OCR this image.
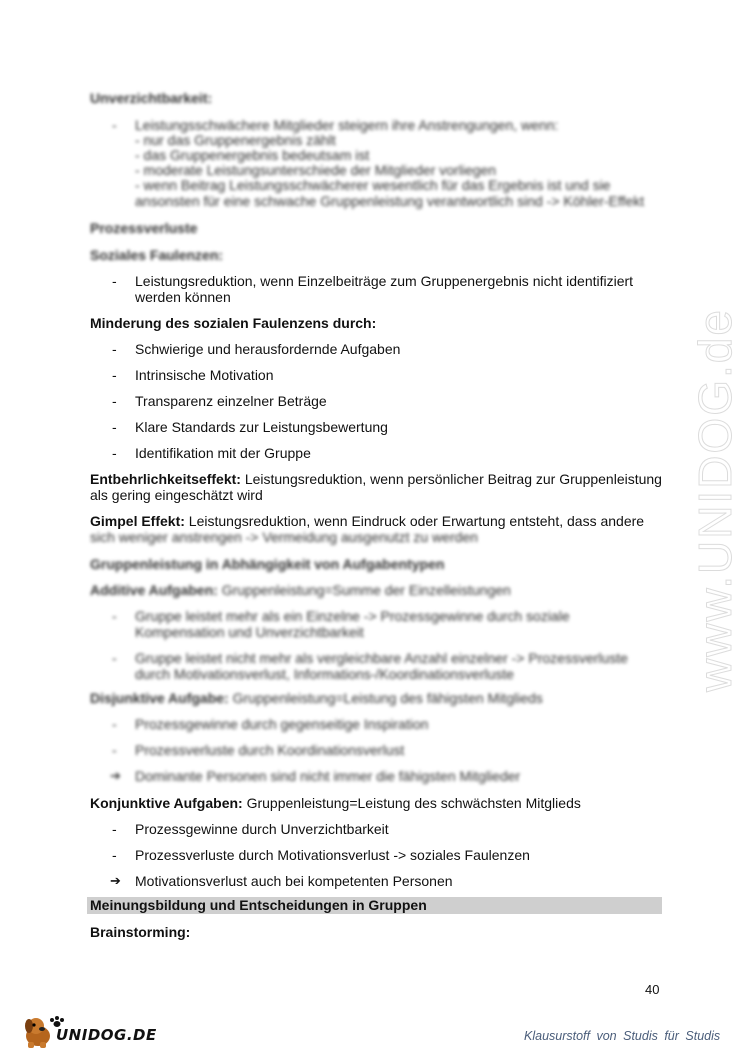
www.UNIDOG.de
Unverzichtbarkeit:
- Leistungsschwächere Mitglieder steigern ihre Anstrengungen, wenn:
- nur das Gruppenergebnis zählt
- das Gruppenergebnis bedeutsam ist
- moderate Leistungsunterschiede der Mitglieder vorliegen
- wenn Beitrag Leistungsschwächerer wesentlich für das Ergebnis ist und sie
ansonsten für eine schwache Gruppenleistung verantwortlich sind -> Köhler-Effekt
Prozessverluste
Soziales Faulenzen:
- Leistungsreduktion, wenn Einzelbeiträge zum Gruppenergebnis nicht identifiziert werden können
Minderung des sozialen Faulenzens durch:
- Schwierige und herausfordernde Aufgaben
- Intrinsische Motivation
- Transparenz einzelner Beträge
- Klare Standards zur Leistungsbewertung
- Identifikation mit der Gruppe
Entbehrlichkeitseffekt: Leistungsreduktion, wenn persönlicher Beitrag zur Gruppenleistung als gering eingeschätzt wird
Gimpel Effekt: Leistungsreduktion, wenn Eindruck oder Erwartung entsteht, dass andere
sich weniger anstrengen -> Vermeidung ausgenutzt zu werden
Gruppenleistung in Abhängigkeit von Aufgabentypen
Additive Aufgaben: Gruppenleistung=Summe der Einzelleistungen
- Gruppe leistet mehr als ein Einzelne -> Prozessgewinne durch soziale Kompensation und Unverzichtbarkeit
- Gruppe leistet nicht mehr als vergleichbare Anzahl einzelner -> Prozessverluste durch Motivationsverlust, Informations-/Koordinationsverluste
Disjunktive Aufgabe: Gruppenleistung=Leistung des fähigsten Mitglieds
- Prozessgewinne durch gegenseitige Inspiration
- Prozessverluste durch Koordinationsverlust
➔ Dominante Personen sind nicht immer die fähigsten Mitglieder
Konjunktive Aufgaben: Gruppenleistung=Leistung des schwächsten Mitglieds
- Prozessgewinne durch Unverzichtbarkeit
- Prozessverluste durch Motivationsverlust -> soziales Faulenzen
➔ Motivationsverlust auch bei kompetenten Personen
Meinungsbildung und Entscheidungen in Gruppen
Brainstorming:
40
UNIDOG.DE	Klausurstoff von Studis für Studis
